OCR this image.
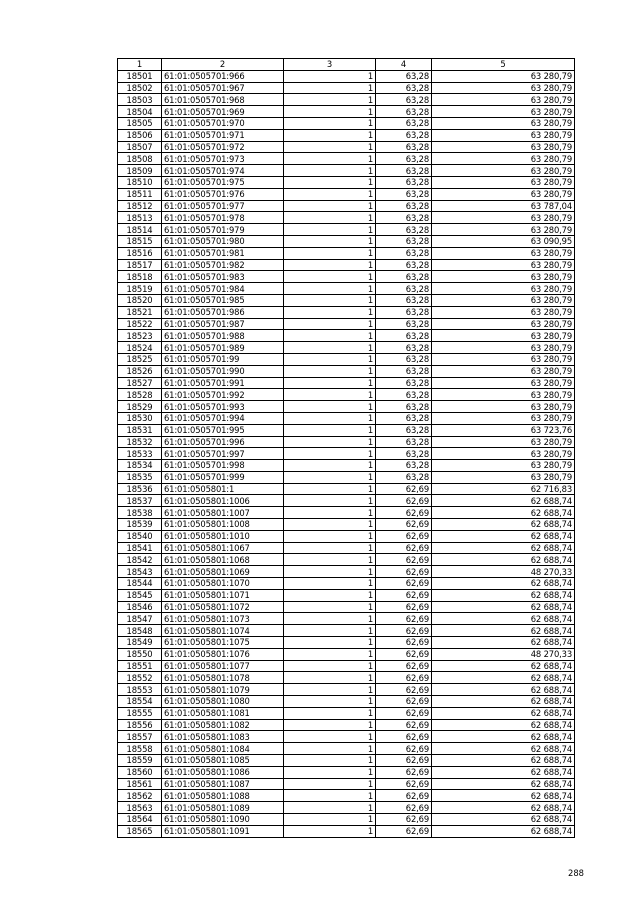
1	2	3	4	5
18501	61:01:0505701:966	1	63,28	63 280,79
18502	61:01:0505701:967	1	63,28	63 280,79
18503	61:01:0505701:968	1	63,28	63 280,79
18504	61:01:0505701:969	1	63,28	63 280,79
18505	61:01:0505701:970	1	63,28	63 280,79
18506	61:01:0505701:971	1	63,28	63 280,79
18507	61:01:0505701:972	1	63,28	63 280,79
18508	61:01:0505701:973	1	63,28	63 280,79
18509	61:01:0505701:974	1	63,28	63 280,79
18510	61:01:0505701:975	1	63,28	63 280,79
18511	61:01:0505701:976	1	63,28	63 280,79
18512	61:01:0505701:977	1	63,28	63 787,04
18513	61:01:0505701:978	1	63,28	63 280,79
18514	61:01:0505701:979	1	63,28	63 280,79
18515	61:01:0505701:980	1	63,28	63 090,95
18516	61:01:0505701:981	1	63,28	63 280,79
18517	61:01:0505701:982	1	63,28	63 280,79
18518	61:01:0505701:983	1	63,28	63 280,79
18519	61:01:0505701:984	1	63,28	63 280,79
18520	61:01:0505701:985	1	63,28	63 280,79
18521	61:01:0505701:986	1	63,28	63 280,79
18522	61:01:0505701:987	1	63,28	63 280,79
18523	61:01:0505701:988	1	63,28	63 280,79
18524	61:01:0505701:989	1	63,28	63 280,79
18525	61:01:0505701:99	1	63,28	63 280,79
18526	61:01:0505701:990	1	63,28	63 280,79
18527	61:01:0505701:991	1	63,28	63 280,79
18528	61:01:0505701:992	1	63,28	63 280,79
18529	61:01:0505701:993	1	63,28	63 280,79
18530	61:01:0505701:994	1	63,28	63 280,79
18531	61:01:0505701:995	1	63,28	63 723,76
18532	61:01:0505701:996	1	63,28	63 280,79
18533	61:01:0505701:997	1	63,28	63 280,79
18534	61:01:0505701:998	1	63,28	63 280,79
18535	61:01:0505701:999	1	63,28	63 280,79
18536	61:01:0505801:1	1	62,69	62 716,83
18537	61:01:0505801:1006	1	62,69	62 688,74
18538	61:01:0505801:1007	1	62,69	62 688,74
18539	61:01:0505801:1008	1	62,69	62 688,74
18540	61:01:0505801:1010	1	62,69	62 688,74
18541	61:01:0505801:1067	1	62,69	62 688,74
18542	61:01:0505801:1068	1	62,69	62 688,74
18543	61:01:0505801:1069	1	62,69	48 270,33
18544	61:01:0505801:1070	1	62,69	62 688,74
18545	61:01:0505801:1071	1	62,69	62 688,74
18546	61:01:0505801:1072	1	62,69	62 688,74
18547	61:01:0505801:1073	1	62,69	62 688,74
18548	61:01:0505801:1074	1	62,69	62 688,74
18549	61:01:0505801:1075	1	62,69	62 688,74
18550	61:01:0505801:1076	1	62,69	48 270,33
18551	61:01:0505801:1077	1	62,69	62 688,74
18552	61:01:0505801:1078	1	62,69	62 688,74
18553	61:01:0505801:1079	1	62,69	62 688,74
18554	61:01:0505801:1080	1	62,69	62 688,74
18555	61:01:0505801:1081	1	62,69	62 688,74
18556	61:01:0505801:1082	1	62,69	62 688,74
18557	61:01:0505801:1083	1	62,69	62 688,74
18558	61:01:0505801:1084	1	62,69	62 688,74
18559	61:01:0505801:1085	1	62,69	62 688,74
18560	61:01:0505801:1086	1	62,69	62 688,74
18561	61:01:0505801:1087	1	62,69	62 688,74
18562	61:01:0505801:1088	1	62,69	62 688,74
18563	61:01:0505801:1089	1	62,69	62 688,74
18564	61:01:0505801:1090	1	62,69	62 688,74
18565	61:01:0505801:1091	1	62,69	62 688,74
288
